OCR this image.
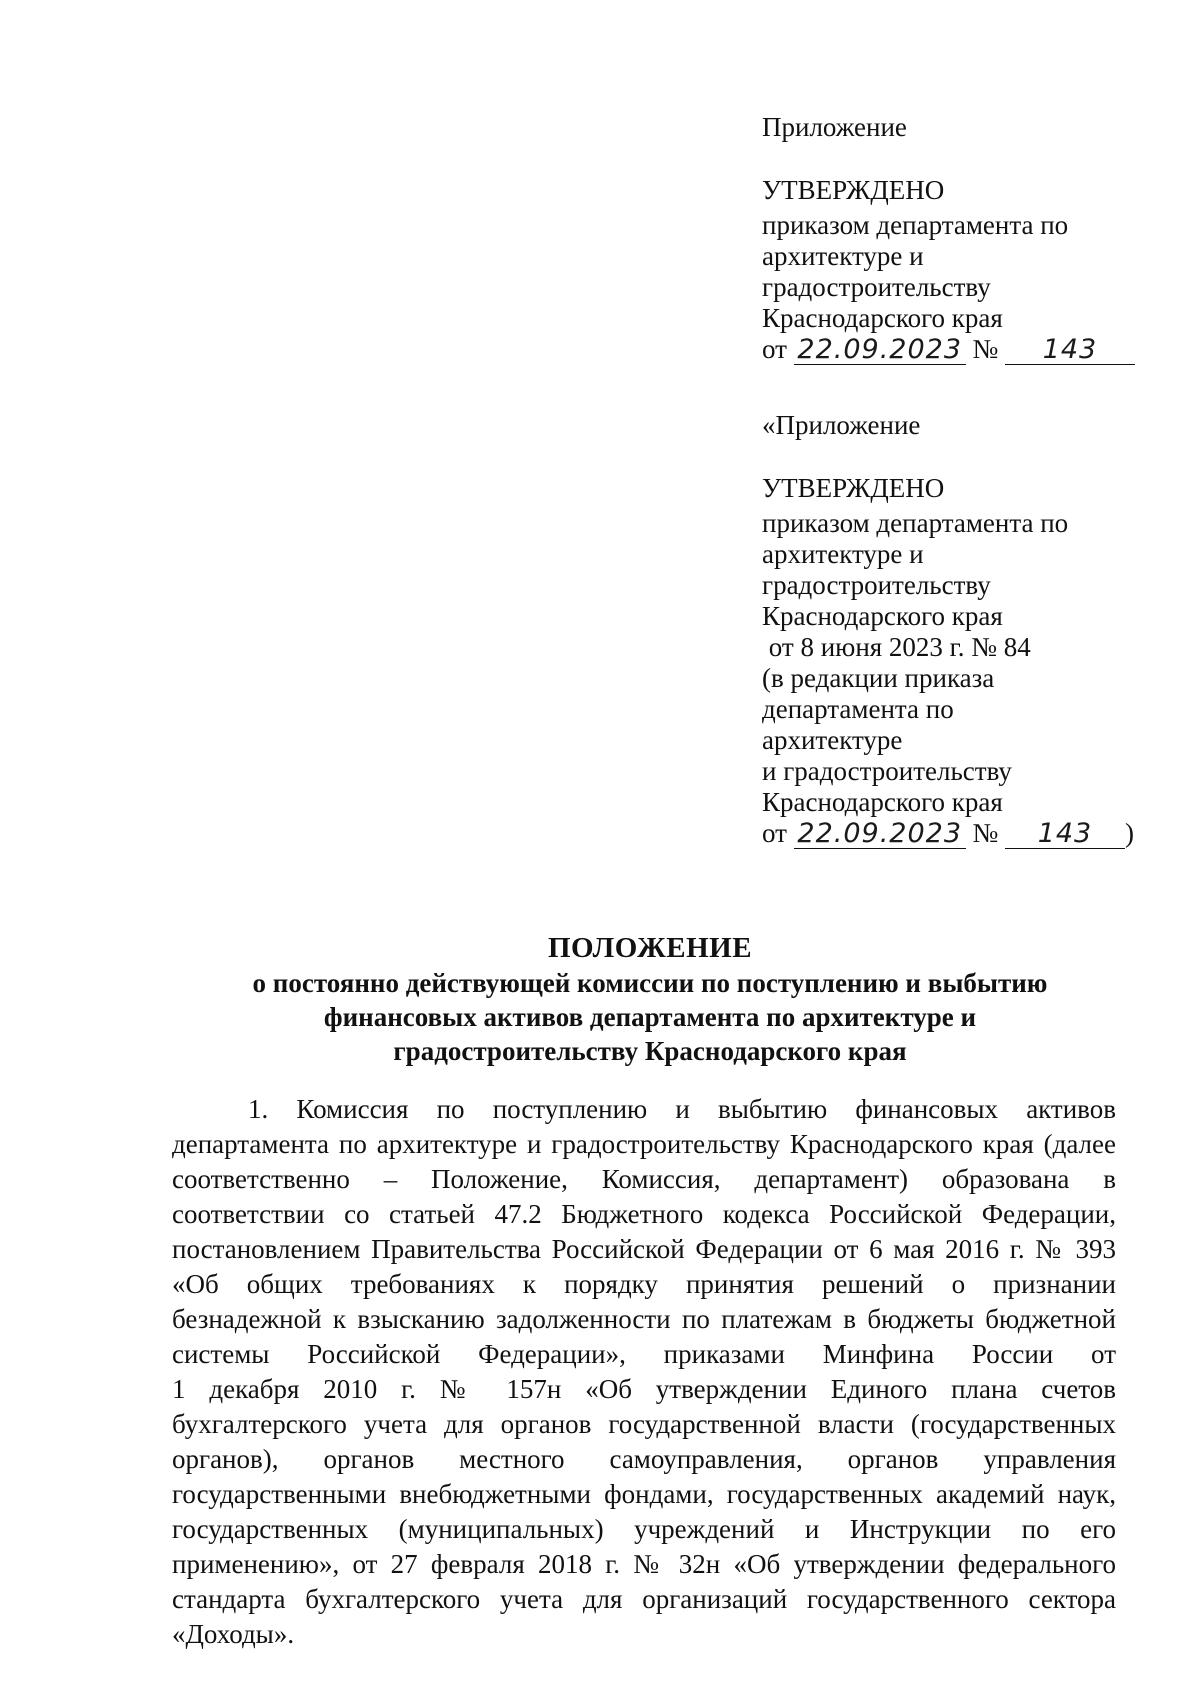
Приложение
УТВЕРЖДЕНО
приказом департамента по
архитектуре и
градостроительству
Краснодарского края
от 22.09.2023 № 143
«Приложение
УТВЕРЖДЕНО
приказом департамента по
архитектуре и
градостроительству
Краснодарского края
от 8 июня 2023 г. № 84
(в редакции приказа
департамента по
архитектуре
и градостроительству
Краснодарского края
от 22.09.2023 № 143 )
ПОЛОЖЕНИЕ
о постоянно действующей комиссии по поступлению и выбытию
финансовых активов департамента по архитектуре и
градостроительству Краснодарского края
1. Комиссия по поступлению и выбытию финансовых активов
департамента по архитектуре и градостроительству Краснодарского края (далее
соответственно – Положение, Комиссия, департамент) образована в
соответствии со статьей 47.2 Бюджетного кодекса Российской Федерации,
постановлением Правительства Российской Федерации от 6 мая 2016 г. № 393
«Об общих требованиях к порядку принятия решений о признании
безнадежной к взысканию задолженности по платежам в бюджеты бюджетной
системы Российской Федерации», приказами Минфина России от
1 декабря 2010 г. № 157н «Об утверждении Единого плана счетов
бухгалтерского учета для органов государственной власти (государственных
органов), органов местного самоуправления, органов управления
государственными внебюджетными фондами, государственных академий наук,
государственных (муниципальных) учреждений и Инструкции по его
применению», от 27 февраля 2018 г. № 32н «Об утверждении федерального
стандарта бухгалтерского учета для организаций государственного сектора
«Доходы».
